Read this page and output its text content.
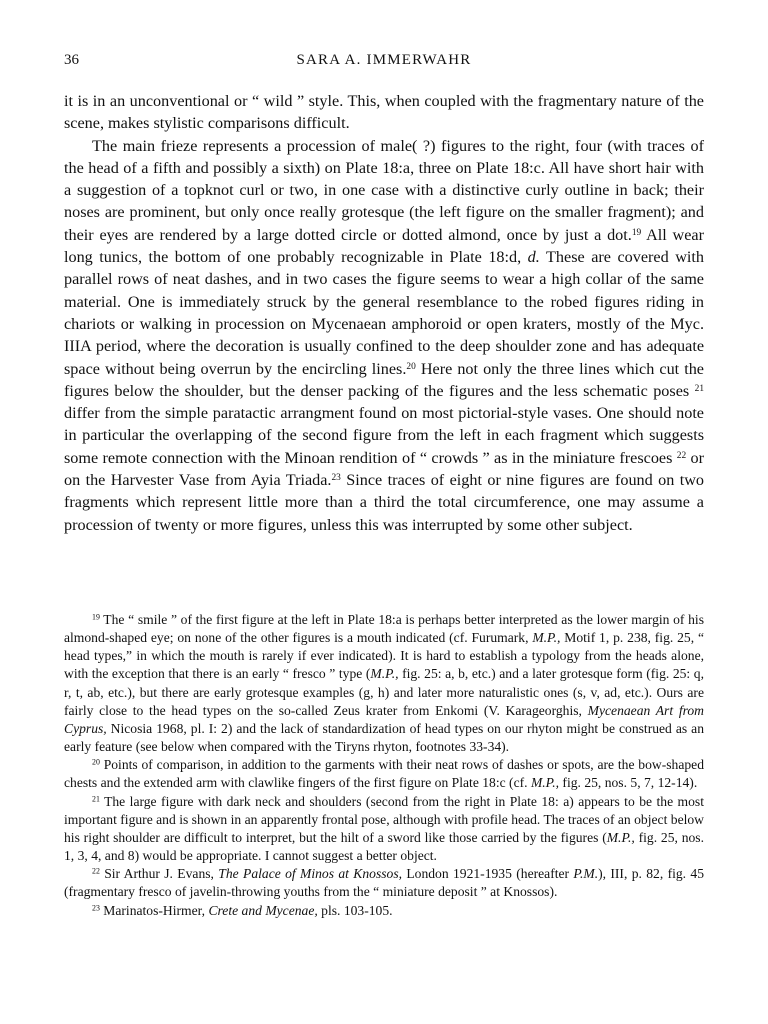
36	SARA A. IMMERWAHR

it is in an unconventional or “ wild ” style. This, when coupled with the fragmentary nature of the scene, makes stylistic comparisons difficult.

The main frieze represents a procession of male( ?) figures to the right, four (with traces of the head of a fifth and possibly a sixth) on Plate 18:a, three on Plate 18:c. All have short hair with a suggestion of a topknot curl or two, in one case with a distinctive curly outline in back; their noses are prominent, but only once really grotesque (the left figure on the smaller fragment); and their eyes are rendered by a large dotted circle or dotted almond, once by just a dot.$^{19}$ All wear long tunics, the bottom of one probably recognizable in Plate 18:d, d. These are covered with parallel rows of neat dashes, and in two cases the figure seems to wear a high collar of the same material. One is immediately struck by the general resemblance to the robed figures riding in chariots or walking in procession on Mycenaean amphoroid or open kraters, mostly of the Myc. IIIA period, where the decoration is usually confined to the deep shoulder zone and has adequate space without being overrun by the encircling lines.$^{20}$ Here not only the three lines which cut the figures below the shoulder, but the denser packing of the figures and the less schematic poses $^{21}$ differ from the simple paratactic arrangment found on most pictorial-style vases. One should note in particular the overlapping of the second figure from the left in each fragment which suggests some remote connection with the Minoan rendition of “ crowds ” as in the miniature frescoes $^{22}$ or on the Harvester Vase from Ayia Triada.$^{23}$ Since traces of eight or nine figures are found on two fragments which represent little more than a third the total circumference, one may assume a procession of twenty or more figures, unless this was interrupted by some other subject.

$^{19}$ The “ smile ” of the first figure at the left in Plate 18:a is perhaps better interpreted as the lower margin of his almond-shaped eye; on none of the other figures is a mouth indicated (cf. Furumark, M.P., Motif 1, p. 238, fig. 25, “ head types,” in which the mouth is rarely if ever indicated). It is hard to establish a typology from the heads alone, with the exception that there is an early “ fresco ” type (M.P., fig. 25: a, b, etc.) and a later grotesque form (fig. 25: q, r, t, ab, etc.), but there are early grotesque examples (g, h) and later more naturalistic ones (s, v, ad, etc.). Ours are fairly close to the head types on the so-called Zeus krater from Enkomi (V. Karageorghis, Mycenaean Art from Cyprus, Nicosia 1968, pl. I: 2) and the lack of standardization of head types on our rhyton might be construed as an early feature (see below when compared with the Tiryns rhyton, footnotes 33-34).

$^{20}$ Points of comparison, in addition to the garments with their neat rows of dashes or spots, are the bow-shaped chests and the extended arm with clawlike fingers of the first figure on Plate 18:c (cf. M.P., fig. 25, nos. 5, 7, 12-14).

$^{21}$ The large figure with dark neck and shoulders (second from the right in Plate 18: a) appears to be the most important figure and is shown in an apparently frontal pose, although with profile head. The traces of an object below his right shoulder are difficult to interpret, but the hilt of a sword like those carried by the figures (M.P., fig. 25, nos. 1, 3, 4, and 8) would be appropriate. I cannot suggest a better object.

$^{22}$ Sir Arthur J. Evans, The Palace of Minos at Knossos, London 1921-1935 (hereafter P.M.), III, p. 82, fig. 45 (fragmentary fresco of javelin-throwing youths from the “ miniature deposit ” at Knossos).

$^{23}$ Marinatos-Hirmer, Crete and Mycenae, pls. 103-105.
